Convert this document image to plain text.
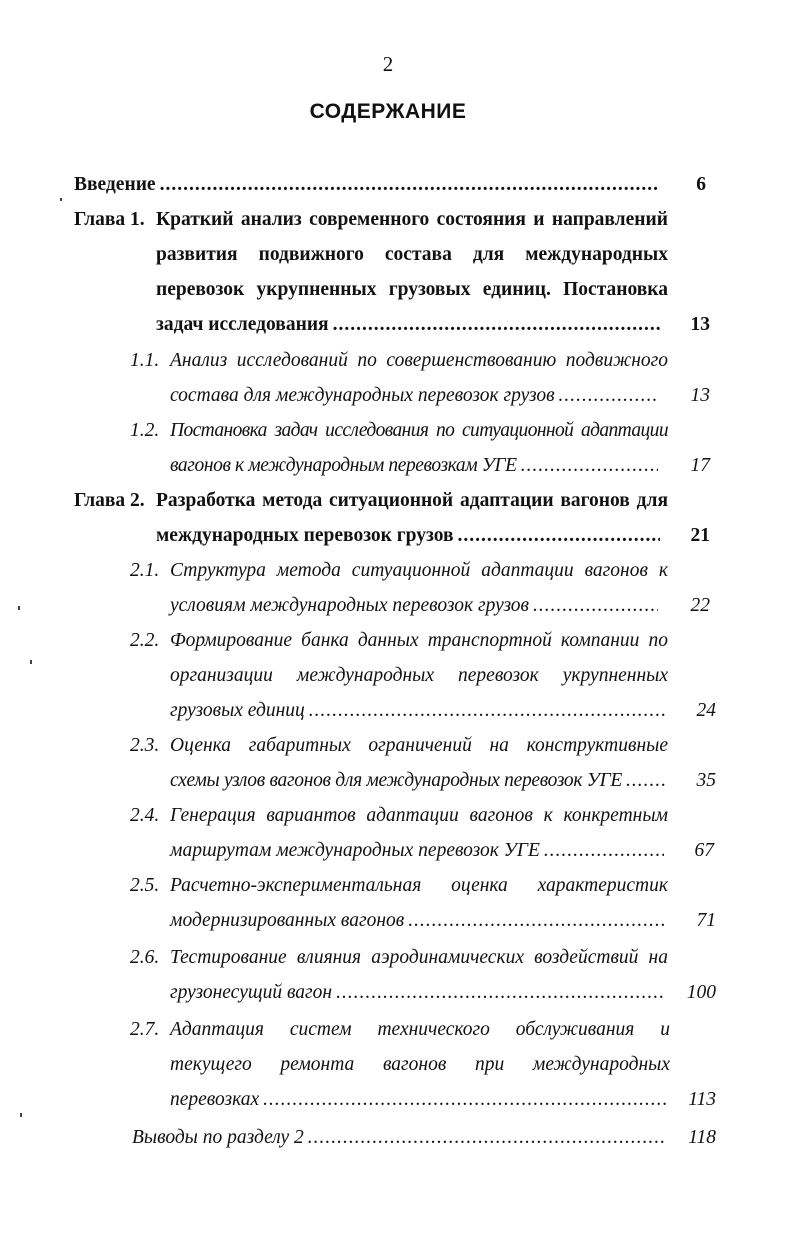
2
СОДЕРЖАНИЕ
Введение .....	6
Глава 1. Краткий анализ современного состояния и направлений
развития подвижного состава для международных
перевозок укрупненных грузовых единиц. Постановка
задач исследования .....	13
1.1. Анализ исследований по совершенствованию подвижного
состава для международных перевозок грузов .....	13
1.2. Постановка задач исследования по ситуационной адаптации
вагонов к международным перевозкам УГЕ .....	17
Глава 2. Разработка метода ситуационной адаптации вагонов для
международных перевозок грузов .....	21
2.1. Структура метода ситуационной адаптации вагонов к
условиям международных перевозок грузов .....	22
2.2. Формирование банка данных транспортной компании по
организации международных перевозок укрупненных
грузовых единиц .....	24
2.3. Оценка габаритных ограничений на конструктивные
схемы узлов вагонов для международных перевозок УГЕ .....	35
2.4. Генерация вариантов адаптации вагонов к конкретным
маршрутам международных перевозок УГЕ .....	67
2.5. Расчетно-экспериментальная оценка характеристик
модернизированных вагонов .....	71
2.6. Тестирование влияния аэродинамических воздействий на
грузонесущий вагон .....	100
2.7. Адаптация систем технического обслуживания и
текущего ремонта вагонов при международных
перевозках .....	113
Выводы по разделу 2 .....	118
